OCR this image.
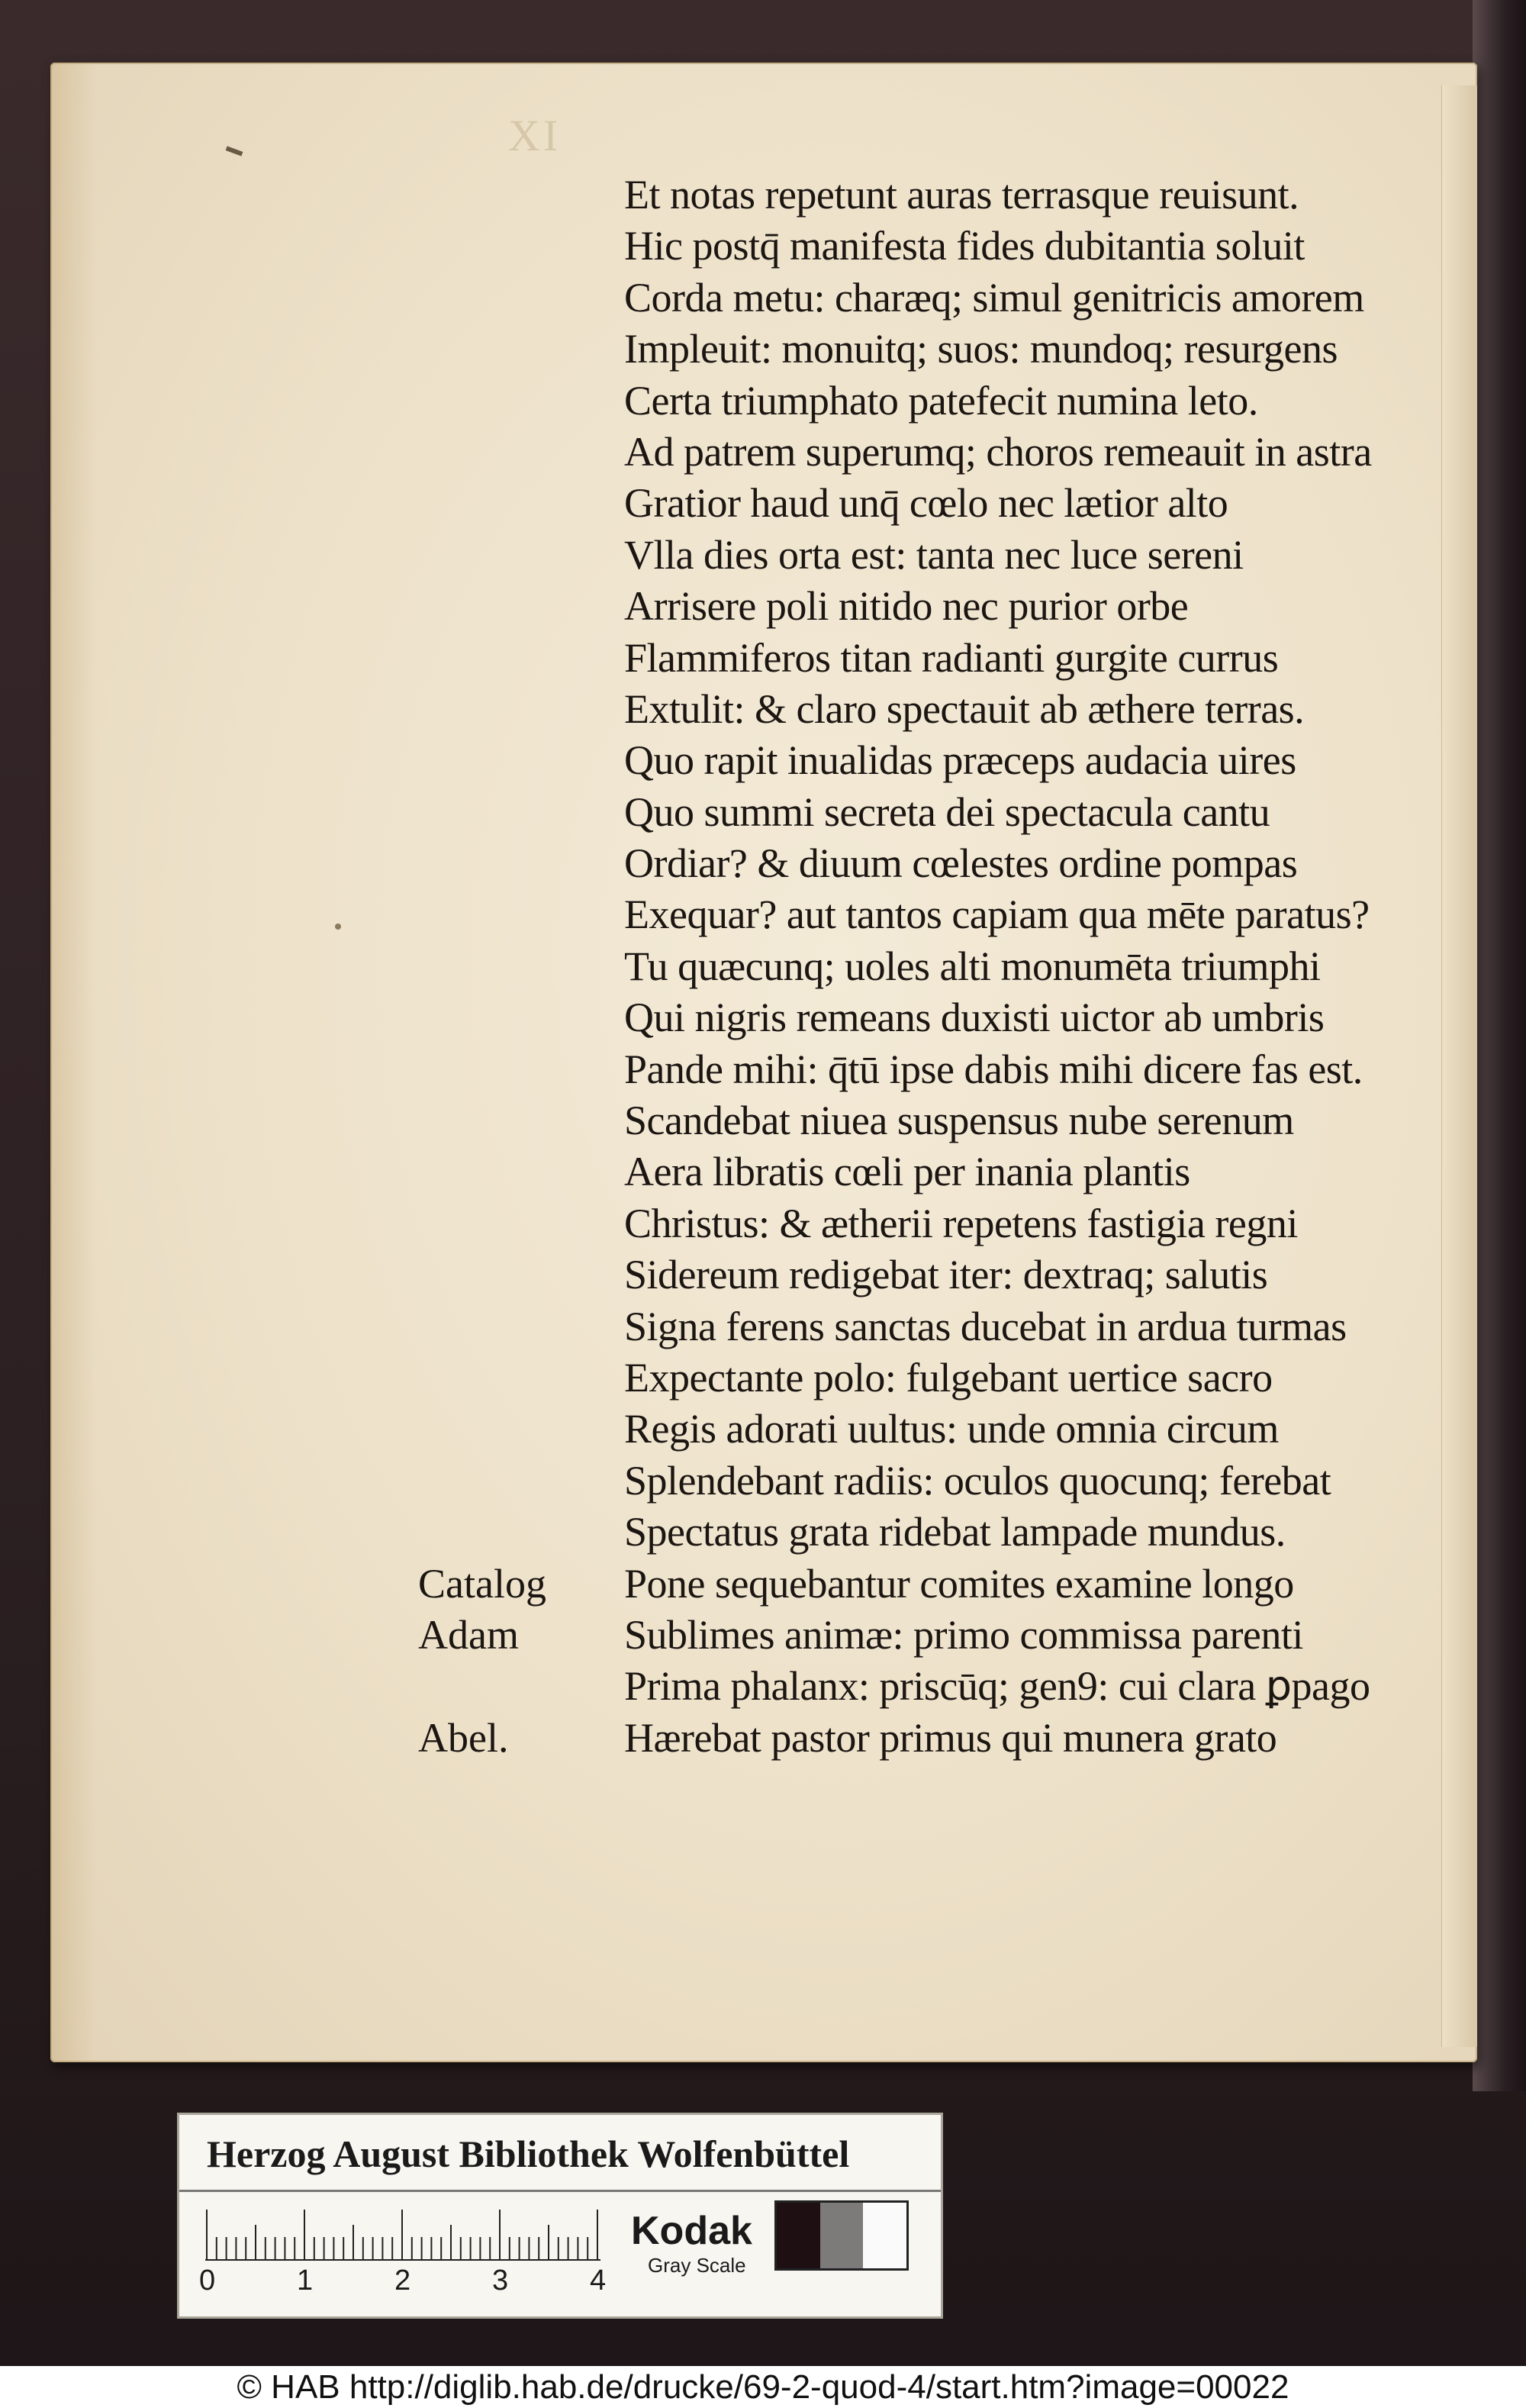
XI
Et notas repetunt auras terrasque reuisunt.
Hic postq̄ manifesta fides dubitantia soluit
Corda metu: charæq; simul genitricis amorem
Impleuit: monuitq; suos: mundoq; resurgens
Certa triumphato patefecit numina leto.
Ad patrem superumq; choros remeauit in astra
Gratior haud unq̄ cœlo nec lætior alto
Vlla dies orta est: tanta nec luce sereni
Arrisere poli nitido nec purior orbe
Flammiferos titan radianti gurgite currus
Extulit: & claro spectauit ab æthere terras.
Quo rapit inualidas præceps audacia uires
Quo summi secreta dei spectacula cantu
Ordiar? & diuum cœlestes ordine pompas
Exequar? aut tantos capiam qua mēte paratus?
Tu quæcunq; uoles alti monumēta triumphi
Qui nigris remeans duxisti uictor ab umbris
Pande mihi: q̄tū ipse dabis mihi dicere fas est.
Scandebat niuea suspensus nube serenum
Aera libratis cœli per inania plantis
Christus: & ætherii repetens fastigia regni
Sidereum redigebat iter: dextraq; salutis
Signa ferens sanctas ducebat in ardua turmas
Expectante polo: fulgebant uertice sacro
Regis adorati uultus: unde omnia circum
Splendebant radiis: oculos quocunq; ferebat
Spectatus grata ridebat lampade mundus.
Pone sequebantur comites examine longo
Sublimes animæ: primo commissa parenti
Prima phalanx: priscūq; gen9: cui clara ꝑpago
Hærebat pastor primus qui munera grato
Catalog
Adam
Abel.
Herzog August Bibliothek Wolfenbüttel
0	1	2	3	4
Kodak
Gray Scale
© HAB http://diglib.hab.de/drucke/69-2-quod-4/start.htm?image=00022
